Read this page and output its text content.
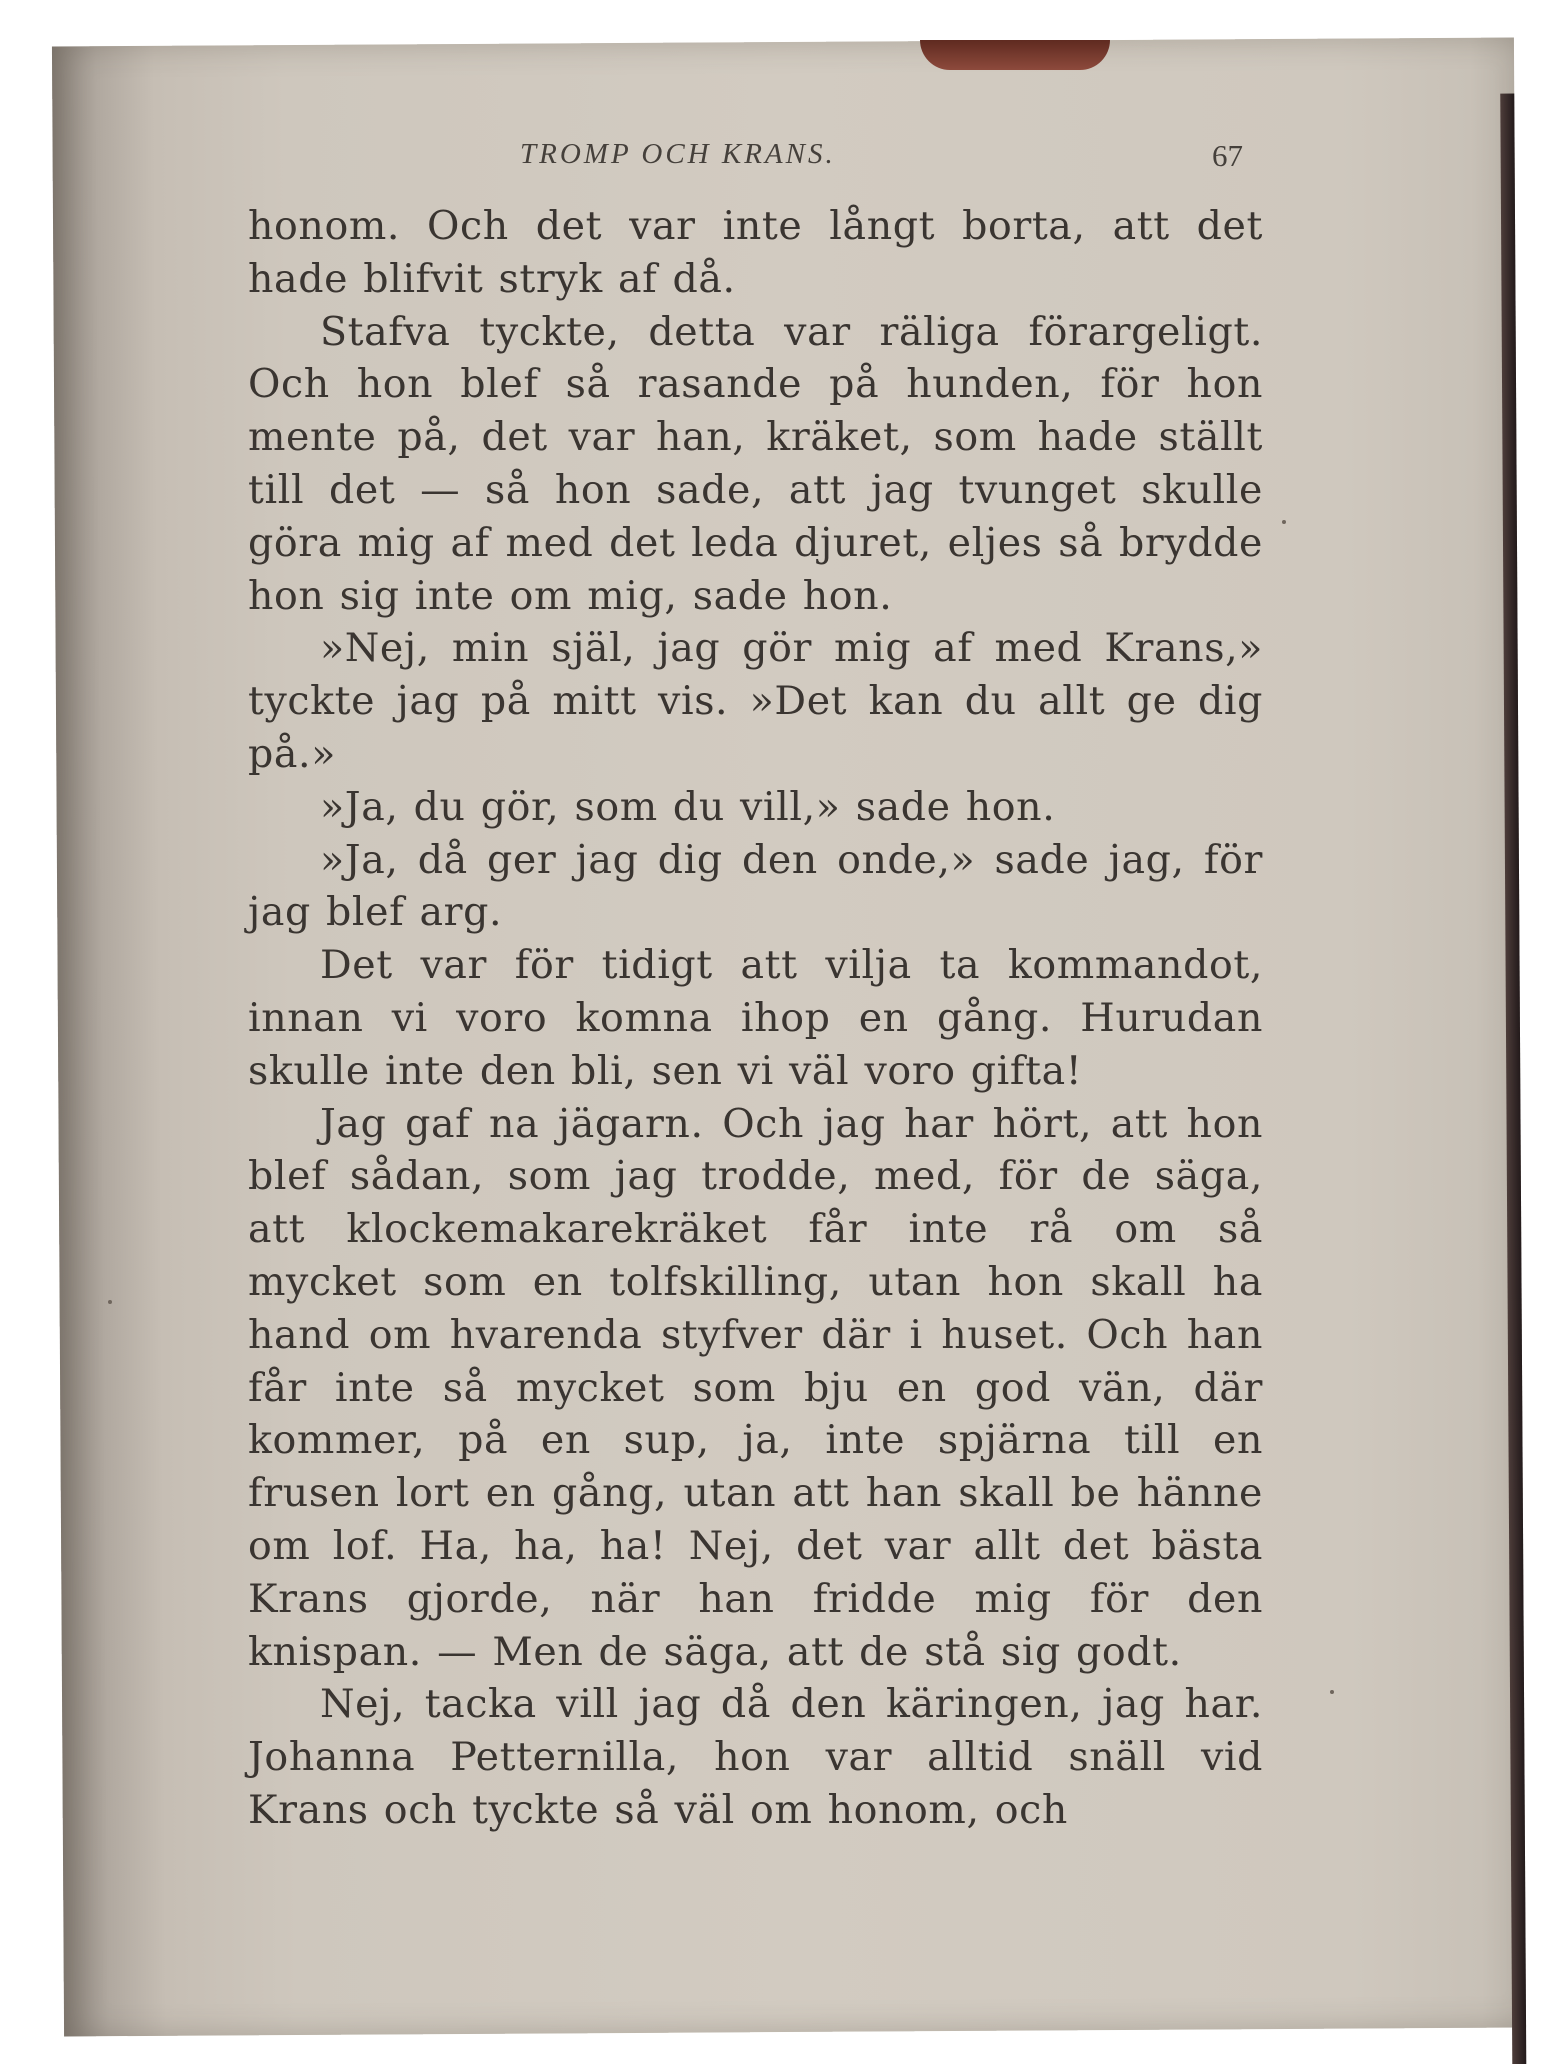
TROMP OCH KRANS.	67

honom. Och det var inte långt borta, att det hade blifvit stryk af då.

Stafva tyckte, detta var räliga förargeligt. Och hon blef så rasande på hunden, för hon mente på, det var han, kräket, som hade ställt till det — så hon sade, att jag tvunget skulle göra mig af med det leda djuret, eljes så brydde hon sig inte om mig, sade hon.

»Nej, min själ, jag gör mig af med Krans,» tyckte jag på mitt vis. »Det kan du allt ge dig på.»

»Ja, du gör, som du vill,» sade hon.

»Ja, då ger jag dig den onde,» sade jag, för jag blef arg.

Det var för tidigt att vilja ta kommandot, innan vi voro komna ihop en gång. Hurudan skulle inte den bli, sen vi väl voro gifta!

Jag gaf na jägarn. Och jag har hört, att hon blef sådan, som jag trodde, med, för de säga, att klockemakarekräket får inte rå om så mycket som en tolfskilling, utan hon skall ha hand om hvarenda styfver där i huset. Och han får inte så mycket som bju en god vän, där kommer, på en sup, ja, inte spjärna till en frusen lort en gång, utan att han skall be hänne om lof. Ha, ha, ha! Nej, det var allt det bästa Krans gjorde, när han fridde mig för den knispan. — Men de säga, att de stå sig godt.

Nej, tacka vill jag då den käringen, jag har. Johanna Petternilla, hon var alltid snäll vid Krans och tyckte så väl om honom, och
